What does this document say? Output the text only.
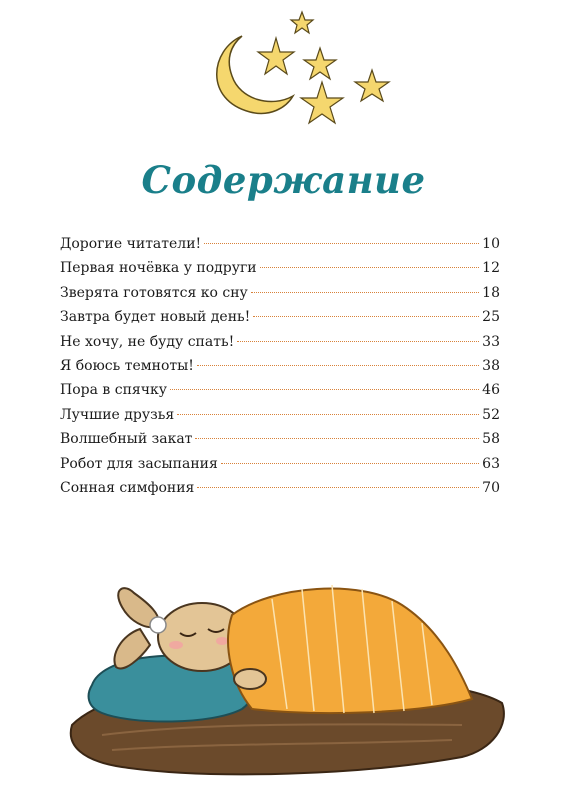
Содержание
Дорогие читатели!	10
Первая ночёвка у подруги	12
Зверята готовятся ко сну	18
Завтра будет новый день!	25
Не хочу, не буду спать!	33
Я боюсь темноты!	38
Пора в спячку	46
Лучшие друзья	52
Волшебный закат	58
Робот для засыпания	63
Сонная симфония	70
